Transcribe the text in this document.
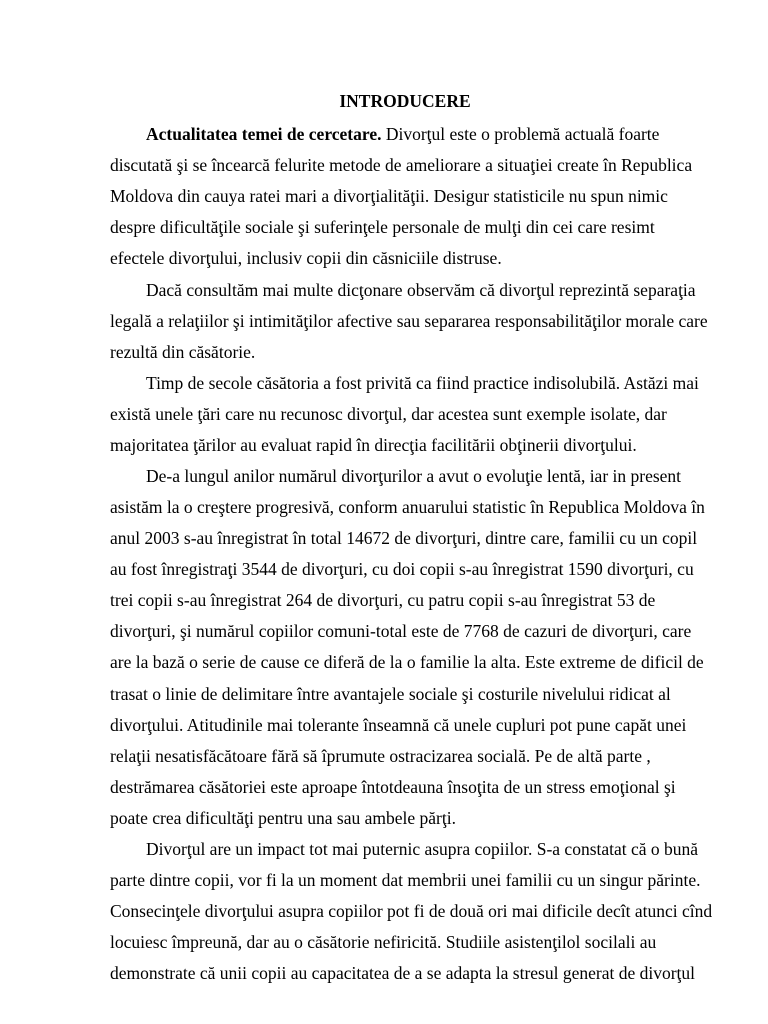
INTRODUCERE
Actualitatea temei de cercetare. Divorţul este o problemă actuală foarte
discutată şi se încearcă felurite metode de ameliorare a situaţiei create în Republica
Moldova din cauya ratei mari a divorţialităţii. Desigur statisticile nu spun nimic
despre dificultăţile sociale şi suferinţele personale de mulţi din cei care resimt
efectele divorţului, inclusiv copii din căsniciile distruse.
Dacă consultăm mai multe dicţonare observăm că divorţul reprezintă separaţia
legală a relaţiilor şi intimităţilor afective sau separarea responsabilităţilor morale care
rezultă din căsătorie.
Timp de secole căsătoria a fost privită ca fiind practice indisolubilă. Astăzi mai
există unele ţări care nu recunosc divorţul, dar acestea sunt exemple isolate, dar
majoritatea ţărilor au evaluat rapid în direcţia facilitării obţinerii divorţului.
De-a lungul anilor numărul divorţurilor a avut o evoluţie lentă, iar in present
asistăm la o creştere progresivă, conform anuarului statistic în Republica Moldova în
anul 2003 s-au înregistrat în total 14672 de divorţuri, dintre care, familii cu un copil
au fost înregistraţi 3544 de divorţuri, cu doi copii s-au înregistrat 1590 divorţuri, cu
trei copii s-au înregistrat 264 de divorţuri, cu patru copii s-au înregistrat 53 de
divorţuri, şi numărul copiilor comuni-total este de 7768 de cazuri de divorţuri, care
are la bază o serie de cause ce diferă de la o familie la alta. Este extreme de dificil de
trasat o linie de delimitare între avantajele sociale şi costurile nivelului ridicat al
divorţului. Atitudinile mai tolerante înseamnă că unele cupluri pot pune capăt unei
relaţii nesatisfăcătoare fără să îprumute ostracizarea socială. Pe de altă parte ,
destrămarea căsătoriei este aproape întotdeauna însoţita de un stress emoţional şi
poate crea dificultăţi pentru una sau ambele părţi.
Divorţul are un impact tot mai puternic asupra copiilor. S-a constatat că o bună
parte dintre copii, vor fi la un moment dat membrii unei familii cu un singur părinte.
Consecinţele divorţului asupra copiilor pot fi de două ori mai dificile decît atunci cînd
locuiesc împreună, dar au o căsătorie nefiricită. Studiile asistenţilol socilali au
demonstrate că unii copii au capacitatea de a se adapta la stresul generat de divorţul
